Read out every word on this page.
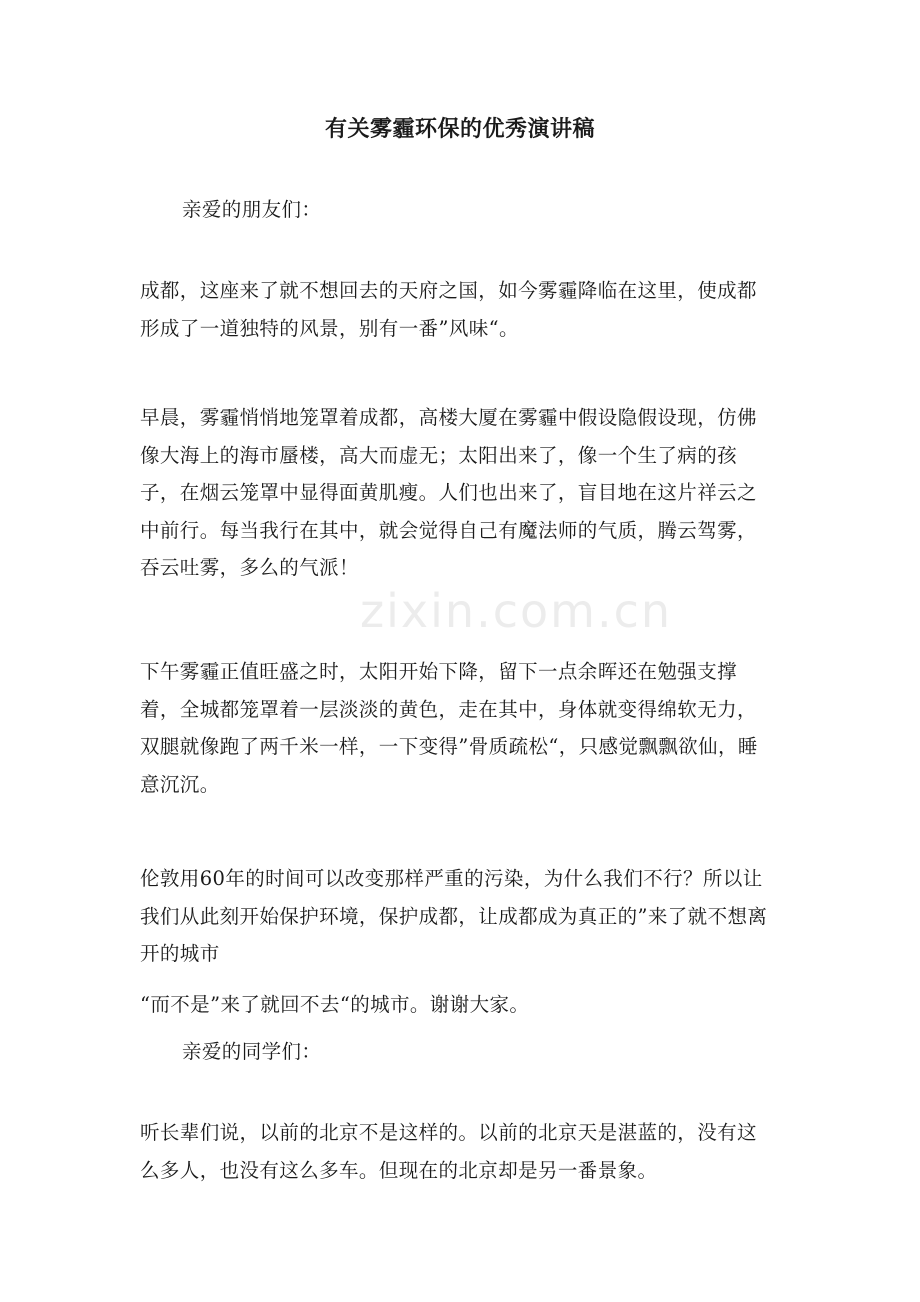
zixin.com.cn
有关雾霾环保的优秀演讲稿

亲爱的朋友们：

成都，这座来了就不想回去的天府之国，如今雾霾降临在这里，使成都形成了一道独特的风景，别有一番”风味“。

早晨，雾霾悄悄地笼罩着成都，高楼大厦在雾霾中假设隐假设现，仿佛像大海上的海市蜃楼，高大而虚无；太阳出来了，像一个生了病的孩子，在烟云笼罩中显得面黄肌瘦。人们也出来了，盲目地在这片祥云之中前行。每当我行在其中，就会觉得自己有魔法师的气质，腾云驾雾，吞云吐雾，多么的气派！

下午雾霾正值旺盛之时，太阳开始下降，留下一点余晖还在勉强支撑着，全城都笼罩着一层淡淡的黄色，走在其中，身体就变得绵软无力，双腿就像跑了两千米一样，一下变得”骨质疏松“，只感觉飘飘欲仙，睡意沉沉。

伦敦用60年的时间可以改变那样严重的污染，为什么我们不行？所以让我们从此刻开始保护环境，保护成都，让成都成为真正的”来了就不想离开的城市

“而不是”来了就回不去“的城市。谢谢大家。

亲爱的同学们：

听长辈们说，以前的北京不是这样的。以前的北京天是湛蓝的，没有这么多人，也没有这么多车。但现在的北京却是另一番景象。
